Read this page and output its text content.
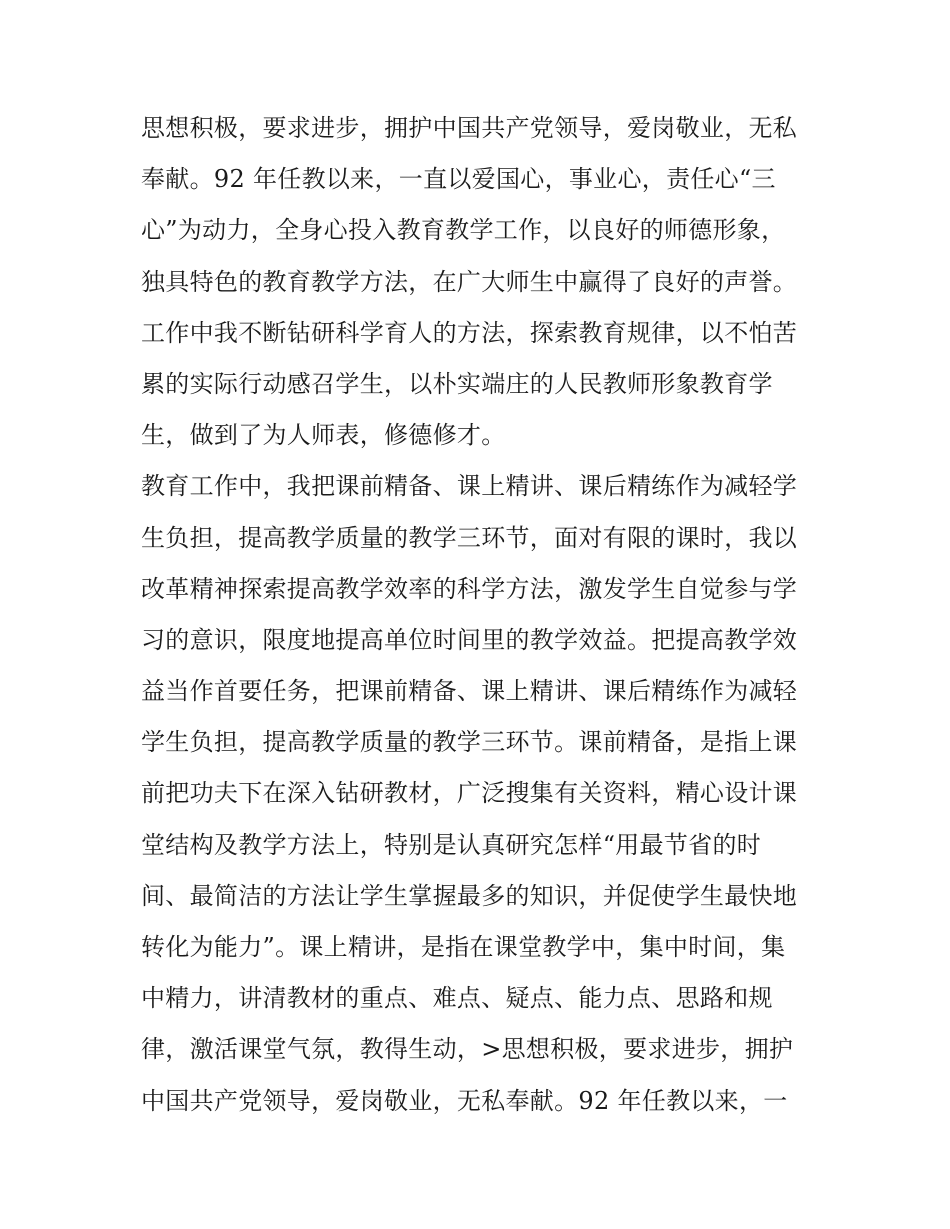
思想积极，要求进步，拥护中国共产党领导，爱岗敬业，无私
奉献。92 年任教以来，一直以爱国心，事业心，责任心“三
心”为动力，全身心投入教育教学工作，以良好的师德形象，
独具特色的教育教学方法，在广大师生中赢得了良好的声誉。
工作中我不断钻研科学育人的方法，探索教育规律，以不怕苦
累的实际行动感召学生，以朴实端庄的人民教师形象教育学
生，做到了为人师表，修德修才。
教育工作中，我把课前精备、课上精讲、课后精练作为减轻学
生负担，提高教学质量的教学三环节，面对有限的课时，我以
改革精神探索提高教学效率的科学方法，激发学生自觉参与学
习的意识，限度地提高单位时间里的教学效益。把提高教学效
益当作首要任务，把课前精备、课上精讲、课后精练作为减轻
学生负担，提高教学质量的教学三环节。课前精备，是指上课
前把功夫下在深入钻研教材，广泛搜集有关资料，精心设计课
堂结构及教学方法上，特别是认真研究怎样“用最节省的时
间、最简洁的方法让学生掌握最多的知识，并促使学生最快地
转化为能力”。课上精讲，是指在课堂教学中，集中时间，集
中精力，讲清教材的重点、难点、疑点、能力点、思路和规
律，激活课堂气氛，教得生动，>思想积极，要求进步，拥护
中国共产党领导，爱岗敬业，无私奉献。92 年任教以来，一
